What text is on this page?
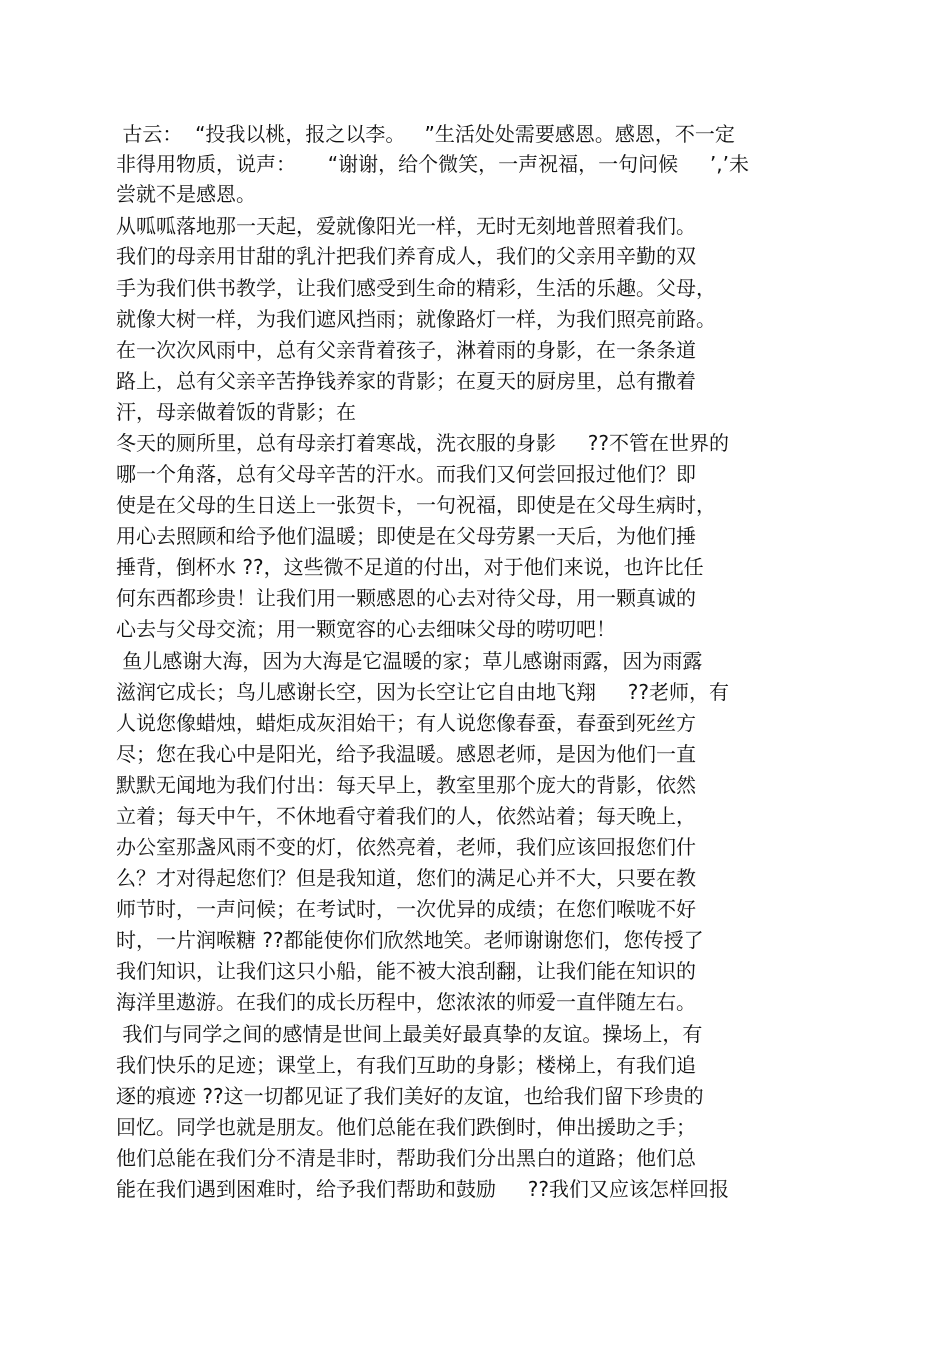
古云：  “投我以桃，报之以李。   ”生活处处需要感恩。感恩，不一定
非得用物质，说声：     “谢谢，给个微笑，一声祝福，一句问候     ’,’未
尝就不是感恩。
从呱呱落地那一天起，爱就像阳光一样，无时无刻地普照着我们。
我们的母亲用甘甜的乳汁把我们养育成人，我们的父亲用辛勤的双
手为我们供书教学，让我们感受到生命的精彩，生活的乐趣。父母，
就像大树一样，为我们遮风挡雨；就像路灯一样，为我们照亮前路。
在一次次风雨中，总有父亲背着孩子，淋着雨的身影，在一条条道
路上，总有父亲辛苦挣钱养家的背影；在夏天的厨房里，总有撒着
汗，母亲做着饭的背影；在
冬天的厕所里，总有母亲打着寒战，洗衣服的身影     ??不管在世界的
哪一个角落，总有父母辛苦的汗水。而我们又何尝回报过他们？即
使是在父母的生日送上一张贺卡，一句祝福，即使是在父母生病时，
用心去照顾和给予他们温暖；即使是在父母劳累一天后，为他们捶
捶背，倒杯水 ??，这些微不足道的付出，对于他们来说，也许比任
何东西都珍贵！让我们用一颗感恩的心去对待父母，用一颗真诚的
心去与父母交流；用一颗宽容的心去细味父母的唠叨吧！
鱼儿感谢大海，因为大海是它温暖的家；草儿感谢雨露，因为雨露
滋润它成长；鸟儿感谢长空，因为长空让它自由地飞翔     ??老师，有
人说您像蜡烛，蜡炬成灰泪始干；有人说您像春蚕，春蚕到死丝方
尽；您在我心中是阳光，给予我温暖。感恩老师，是因为他们一直
默默无闻地为我们付出：每天早上，教室里那个庞大的背影，依然
立着；每天中午，不休地看守着我们的人，依然站着；每天晚上，
办公室那盏风雨不变的灯，依然亮着，老师，我们应该回报您们什
么？才对得起您们？但是我知道，您们的满足心并不大，只要在教
师节时，一声问候；在考试时，一次优异的成绩；在您们喉咙不好
时，一片润喉糖 ??都能使你们欣然地笑。老师谢谢您们，您传授了
我们知识，让我们这只小船，能不被大浪刮翻，让我们能在知识的
海洋里遨游。在我们的成长历程中，您浓浓的师爱一直伴随左右。
我们与同学之间的感情是世间上最美好最真挚的友谊。操场上，有
我们快乐的足迹；课堂上，有我们互助的身影；楼梯上，有我们追
逐的痕迹 ??这一切都见证了我们美好的友谊，也给我们留下珍贵的
回忆。同学也就是朋友。他们总能在我们跌倒时，伸出援助之手；
他们总能在我们分不清是非时，帮助我们分出黑白的道路；他们总
能在我们遇到困难时，给予我们帮助和鼓励     ??我们又应该怎样回报
